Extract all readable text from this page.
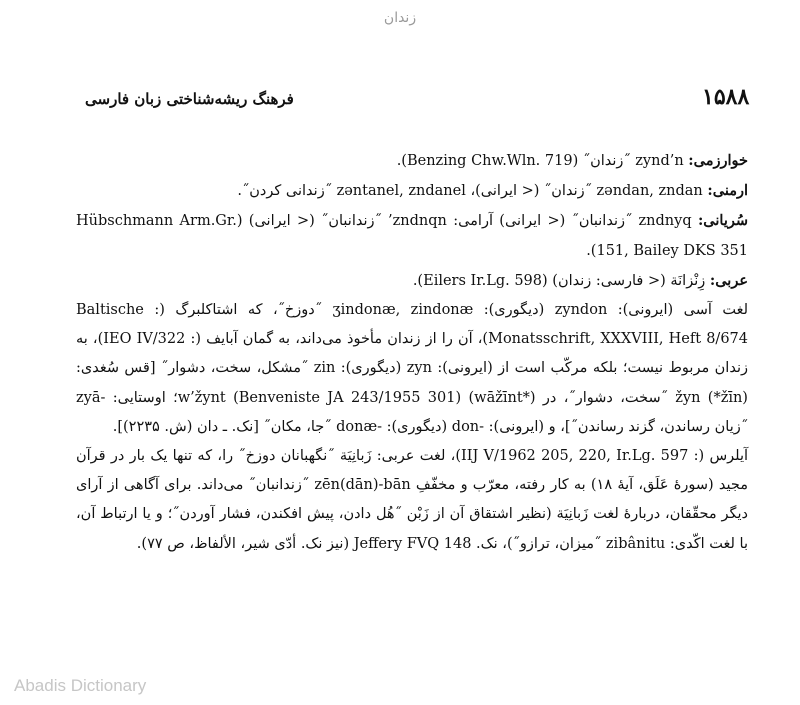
زندان
۱۵۸۸
فرهنگ ریشه‌شناختی زبان فارسی

خوارزمی: zynd’n ˝زندان˝ (Benzing Chw.Wln. 719).

ارمنی: zǝndan, zndan ˝زندان˝ (< ایرانی)، zǝntanel, zndanel ˝زندانی کردن˝.

سُریانی: zndnyq ˝زندانبان˝ (< ایرانی) آرامی: zndnqn’ ˝زندانبان˝ (< ایرانی) (Hübschmann Arm.Gr. 151, Bailey DKS 351).

عربی: زِنْزانَة (< فارسی: زندان) (Eilers Ir.Lg. 598).

لغت آسی (ایرونی): zyndon (دیگوری): ʒindonæ, zindonæ ˝دوزخ˝، که اشتاکلبرگ (: Baltische Monatsschrift, XXXVIII, Heft 8/674)، آن را از زندان مأخوذ می‌داند، به گمان آبایف (: IEO IV/322)، به زندان مربوط نیست؛ بلکه مرکّب است از (ایرونی): zyn (دیگوری): zin ˝مشکل، سخت، دشوار˝ [قس سُغدی: žyn (*žīn) ˝سخت، دشوار˝، در (*wāžīnt) w’žynt (Benveniste JA 243/1955 301)؛ اوستایی: -zyā ˝زیان رساندن، گزند رساندن˝]، و (ایرونی): -don (دیگوری): -donæ ˝جا، مکان˝ [نک. ـ دان (ش. ۲۲۳۵)].

آیلرس (: IIJ V/1962 205, 220, Ir.Lg. 597)، لغت عربی: زَبانِیَة ˝نگهبانان دوزخ˝ را، که تنها یک بار در قرآن مجید (سورهٔ عَلَق، آیهٔ ۱۸) به کار رفته، معرّب و مخفّفِ zēn(dān)-bān ˝زندانبان˝ می‌داند. برای آگاهی از آرای دیگر محقّقان، دربارهٔ لغت زَبانِیَة (نظیر اشتقاق آن از زَبْن ˝هُل دادن، پیش افکندن، فشار آوردن˝؛ و یا ارتباط آن، با لغت اکّدی: zibânitu ˝میزان، ترازو˝)، نک. Jeffery FVQ 148 (نیز نک. أدّی شیر، الألفاظ، ص ۷۷).

Abadis Dictionary
